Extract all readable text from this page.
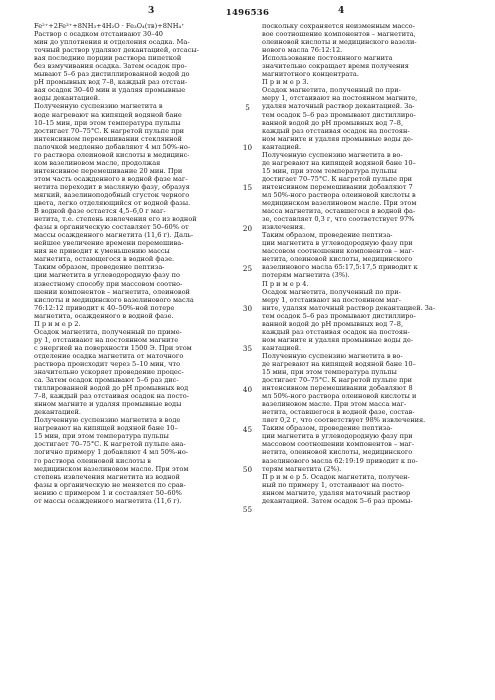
3	1496536	4
Fe²⁺+2Fe³⁺+8NH₃+4H₂O · Fe₃O₄(тв)+8NH₄⁺
Раствор с осадком отстаивают 30–40
мин до уплотнения и отделения осадка. Ма-
точный раствор удаляют декантацией, отсасы-
вая последние порции раствора пипеткой
без взмучивания осадка. Затем осадок про-
мывают 5–6 раз дистиллированной водой до
pH промывных вод 7–8, каждый раз отстаи-
вая осадок 30–40 мин и удаляя промывные
воды декантацией.
Полученную суспензию магнетита в
воде нагревают на кипящей водяной бане
10–15 мин, при этом температура пульпы
достигает 70–75°С. К нагретой пульпе при
интенсивном перемешивании стеклянной
палочкой медленно добавляют 4 мл 50%-но-
го раствора олеиновой кислоты в медицинс-
ком вазелиновом масле, продолжая
интенсивное перемешивание 20 мин. При
этом часть осажденного в водной фазе маг-
нетита переходит в масляную фазу, образуя
мягкий, вазелиноподобный сгусток черного
цвета, легко отделяющийся от водной фазы.
В водной фазе остается 4,5–6,0 г маг-
нетита, т.е. степень извлечения его из водной
фазы в органическую составляет 50–60% от
массы осажденного магнетита (11,6 г). Даль-
нейшее увеличение времени перемешива-
ния не приводит к уменьшению массы
магнетита, остающегося в водной фазе.
Таким образом, проведение пептиза-
ции магнетита в углеводородную фазу по
известному способу при массовом соотно-
шении компонентов – магнетита, олеиновой
кислоты и медицинского вазелинового масла
76:12:12 приводит к 40–50%-ной потере
магнетита, осажденного в водной фазе.
П р и м е р 2.
Осадок магнетита, полученный по приме-
ру 1, отстаивают на постоянном магните
с энергией на поверхности 1500 Э. При этом
отделение осадка магнетита от маточного
раствора происходит через 5–10 мин, что
значительно ускоряет проведение процес-
са. Затем осадок промывают 5–6 раз дис-
тиллированной водой до pH промывных вод
7–8, каждый раз отстаивая осадок на посто-
янном магните и удаляя промывные воды
декантацией.
Полученную суспензию магнетита в воде
нагревают на кипящей водяной бане 10–
15 мин, при этом температура пульпы
достигает 70–75°С. К нагретой пульпе ана-
логично примеру 1 добавляют 4 мл 50%-но-
го раствора олеиновой кислоты в
медицинском вазелиновом масле. При этом
степень извлечения магнетита из водной
фазы в органическую не меняется по срав-
нению с примером 1 и составляет 50–60%
от массы осажденного магнетита (11,6 г).
поскольку сохраняется неизменным массо-
вое соотношение компонентов – магнетита,
олеиновой кислоты и медицинского вазели-
нового масла 76:12:12.
Использование постоянного магнита
значительно сокращает время получения
магнитотного концентрата.
П р и м е р 3.
Осадок магнетита, полученный по при-
меру 1, отстаивают на постоянном магните,
удаляя маточный раствор декантацией. За-
тем осадок 5–6 раз промывают дистиллиро-
ванной водой до pH промывных вод 7–8,
каждый раз отстаивая осадок на постоян-
ном магните и удаляя промывные воды де-
кантацией.
Полученную суспензию магнетита в во-
де нагревают на кипящей водяной бане 10–
15 мин, при этом температура пульпы
достигает 70–75°С. К нагретой пульпе при
интенсивном перемешивании добавляют 7
мл 50%-ного раствора олеиновой кислоты в
медицинском вазелиновом масле. При этом
масса магнетита, оставшегося в водной фа-
зе, составляет 0,3 г, что соответствует 97%
извлечения.
Таким образом, проведение пептиза-
ции магнетита в углеводородную фазу при
массовом соотношении компонентов – маг-
нетита, олеиновой кислоты, медицинского
вазелинового масла 65:17,5:17,5 приводит к
потерям магнетита (3%).
П р и м е р 4.
Осадок магнетита, полученный по при-
меру 1, отстаивают на постоянном маг-
ните, удаляя маточный раствор декантацией. За-
тем осадок 5–6 раз промывают дистиллиро-
ванной водой до pH промывных вод 7–8,
каждый раз отстаивая осадок на постоян-
ном магните и удаляя промывные воды де-
кантацией.
Полученную суспензию магнетита в во-
де нагревают на кипящей водяной бане 10–
15 мин, при этом температура пульпы
достигает 70–75°С. К нагретой пульпе при
интенсивном перемешивании добавляют 8
мл 50%-ного раствора олеиновой кислоты и
вазелиновом масле. При этом масса маг-
нетита, оставшегося в водной фазе, состав-
ляет 0,2 г, что соответствует 98% извлечения.
Таким образом, проведение пептиза-
ции магнетита в углеводородную фазу при
массовом соотношении компонентов – маг-
нетита, олеиновой кислоты, медицинского
вазелинового масла 62:19:19 приводит к по-
терям магнетита (2%).
П р и м е р 5. Осадок магнетита, получен-
ный по примеру 1, отстаивают на посто-
янном магните, удаляя маточный раствор
декантацией. Затем осадок 5–6 раз промы-
5
10
15
20
25
30
35
40
45
50
55
